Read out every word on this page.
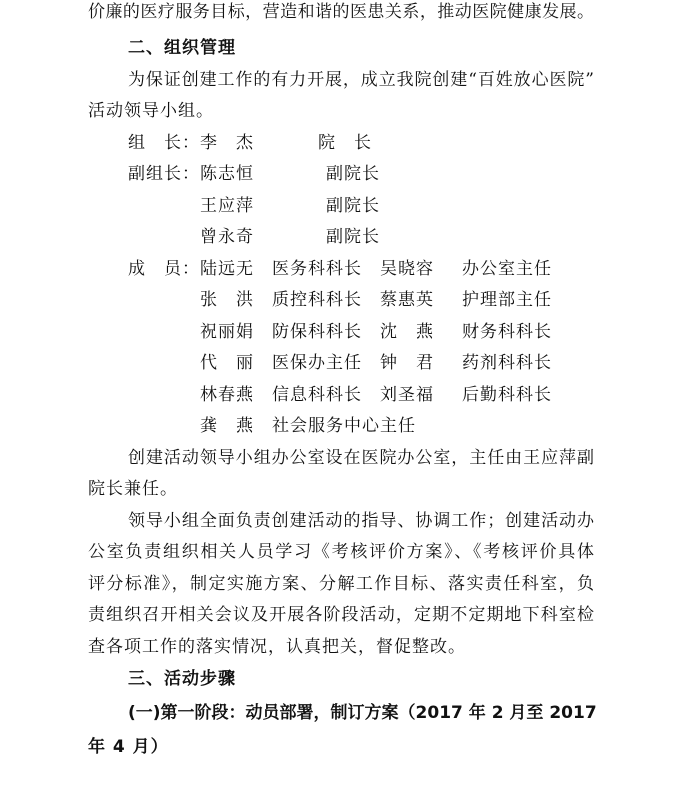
价廉的医疗服务目标，营造和谐的医患关系，推动医院健康发展。
二、组织管理
为保证创建工作的有力开展，成立我院创建“百姓放心医院”
活动领导小组。
组　长： 李　杰	院　长
副组长： 陈志恒	副院长
王应萍	副院长
曾永奇	副院长
成　员： 陆远无 医务科科长 吴晓容 办公室主任
张　洪 质控科科长 蔡惠英 护理部主任
祝丽娟 防保科科长 沈　燕 财务科科长
代　丽 医保办主任 钟　君 药剂科科长
林春燕 信息科科长 刘圣福 后勤科科长
龚　燕 社会服务中心主任
创建活动领导小组办公室设在医院办公室，主任由王应萍副
院长兼任。
领导小组全面负责创建活动的指导、协调工作；创建活动办
公室负责组织相关人员学习《考核评价方案》、《考核评价具体
评分标准》，制定实施方案、分解工作目标、落实责任科室，负
责组织召开相关会议及开展各阶段活动，定期不定期地下科室检
查各项工作的落实情况，认真把关，督促整改。
三、活动步骤
(一)第一阶段：动员部署，制订方案（2017 年 2 月至 2017
年 4 月）
